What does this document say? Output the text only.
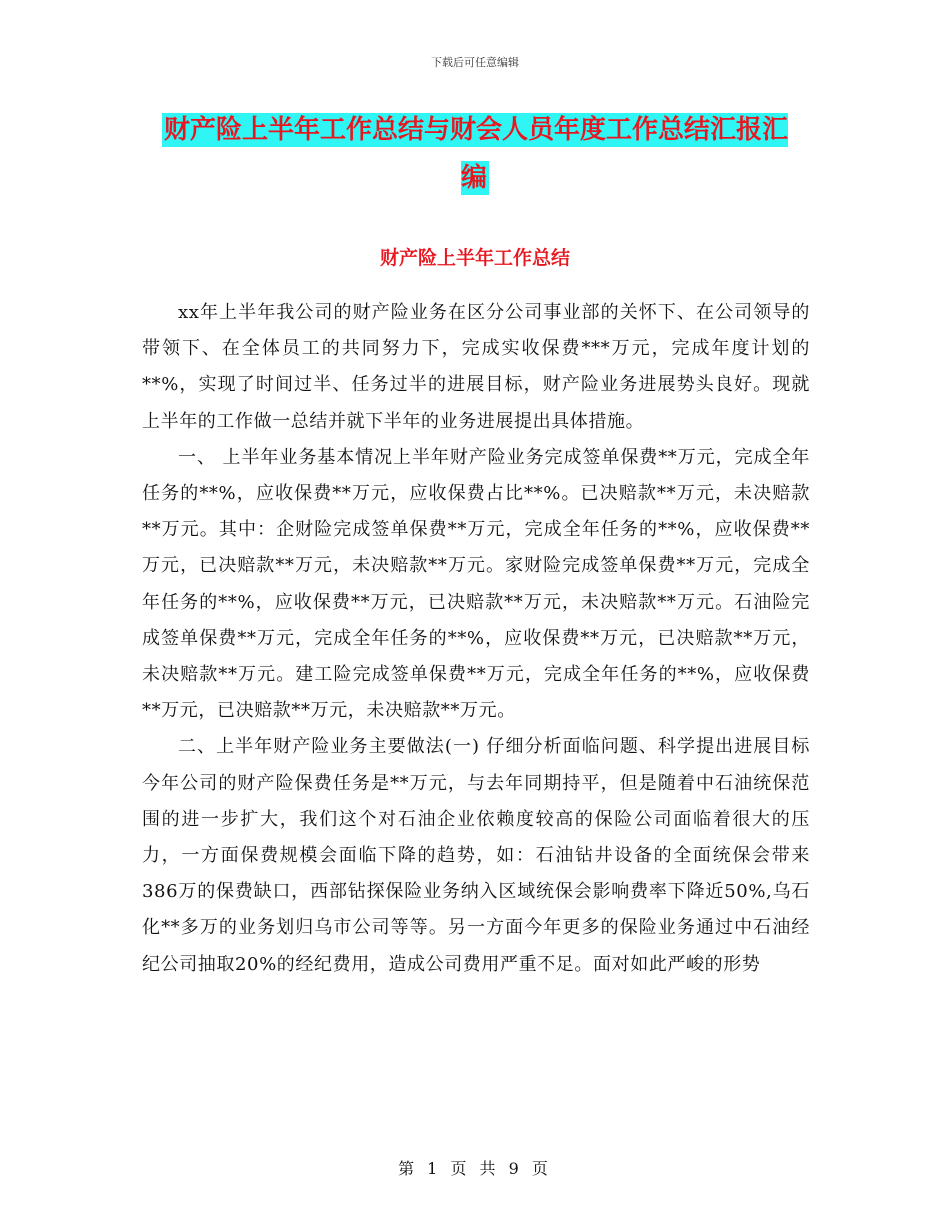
下载后可任意编辑
财产险上半年工作总结与财会人员年度工作总结汇报汇编
财产险上半年工作总结

xx年上半年我公司的财产险业务在区分公司事业部的关怀下、在公司领导的带领下、在全体员工的共同努力下，完成实收保费***万元，完成年度计划的**%，实现了时间过半、任务过半的进展目标，财产险业务进展势头良好。现就上半年的工作做一总结并就下半年的业务进展提出具体措施。

一、 上半年业务基本情况上半年财产险业务完成签单保费**万元，完成全年任务的**%，应收保费**万元，应收保费占比**%。已决赔款**万元，未决赔款**万元。其中：企财险完成签单保费**万元，完成全年任务的**%，应收保费**万元，已决赔款**万元，未决赔款**万元。家财险完成签单保费**万元，完成全年任务的**%，应收保费**万元，已决赔款**万元，未决赔款**万元。石油险完成签单保费**万元，完成全年任务的**%，应收保费**万元，已决赔款**万元，未决赔款**万元。建工险完成签单保费**万元，完成全年任务的**%，应收保费**万元，已决赔款**万元，未决赔款**万元。

二、上半年财产险业务主要做法(一) 仔细分析面临问题、科学提出进展目标今年公司的财产险保费任务是**万元，与去年同期持平，但是随着中石油统保范围的进一步扩大，我们这个对石油企业依赖度较高的保险公司面临着很大的压力，一方面保费规模会面临下降的趋势，如：石油钻井设备的全面统保会带来386万的保费缺口，西部钻探保险业务纳入区域统保会影响费率下降近50%,乌石化**多万的业务划归乌市公司等等。另一方面今年更多的保险业务通过中石油经纪公司抽取20%的经纪费用，造成公司费用严重不足。面对如此严峻的形势

第 1 页 共 9 页
